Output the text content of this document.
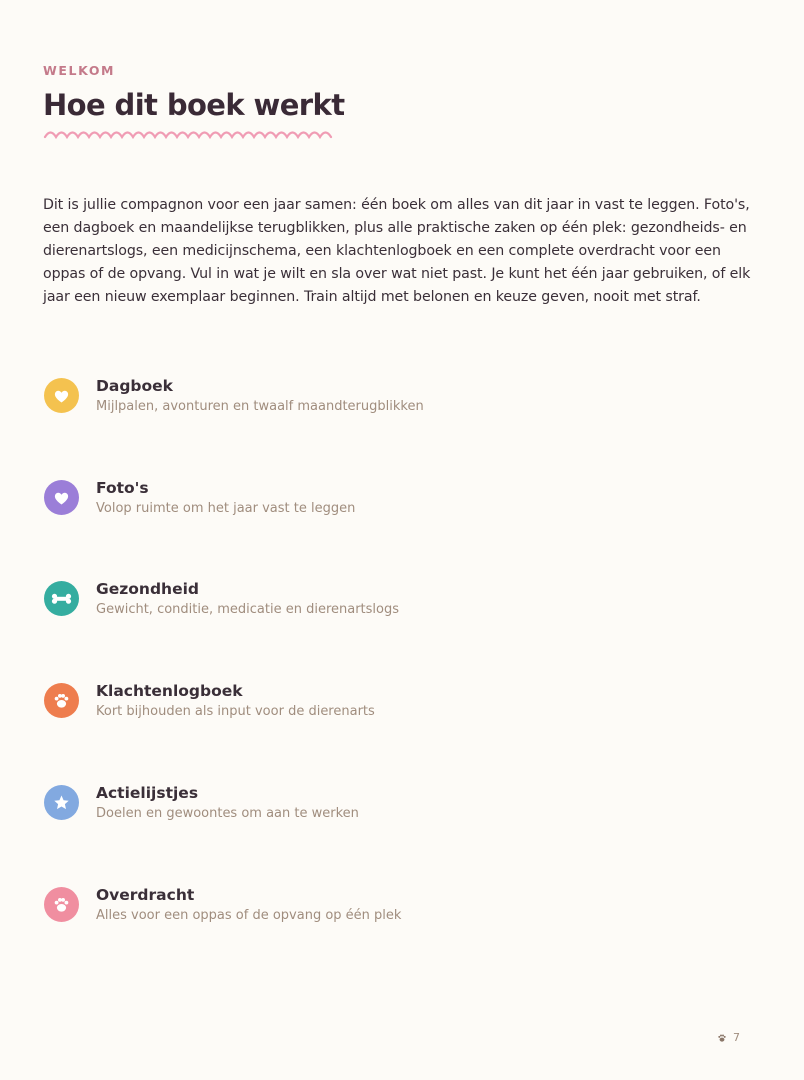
WELKOM
Hoe dit boek werkt

Dit is jullie compagnon voor een jaar samen: één boek om alles van dit jaar in vast te leggen. Foto's, een dagboek en maandelijkse terugblikken, plus alle praktische zaken op één plek: gezondheids- en dierenartslogs, een medicijnschema, een klachtenlogboek en een complete overdracht voor een oppas of de opvang. Vul in wat je wilt en sla over wat niet past. Je kunt het één jaar gebruiken, of elk jaar een nieuw exemplaar beginnen. Train altijd met belonen en keuze geven, nooit met straf.

Dagboek
Mijlpalen, avonturen en twaalf maandterugblikken
Foto's
Volop ruimte om het jaar vast te leggen
Gezondheid
Gewicht, conditie, medicatie en dierenartslogs
Klachtenlogboek
Kort bijhouden als input voor de dierenarts
Actielijstjes
Doelen en gewoontes om aan te werken
Overdracht
Alles voor een oppas of de opvang op één plek
7
